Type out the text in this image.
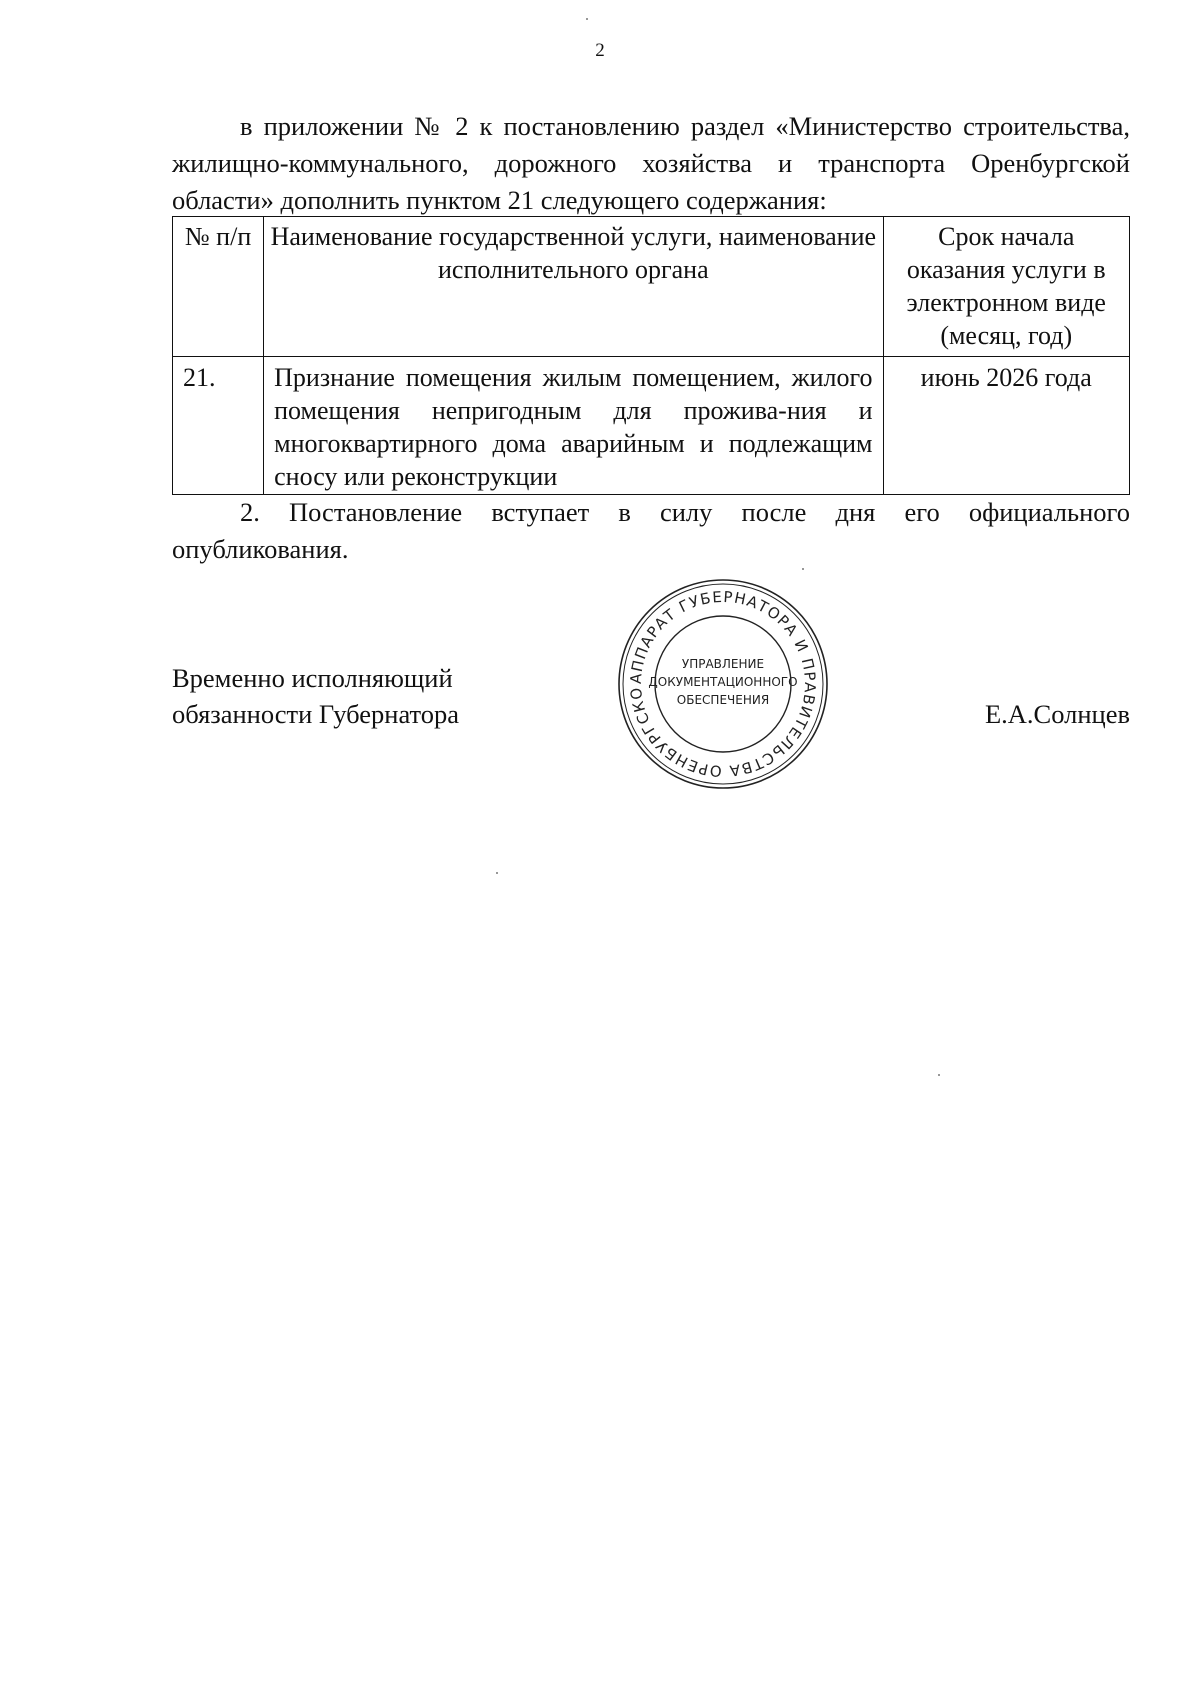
2

в приложении № 2 к постановлению раздел «Министерство строительства, жилищно-коммунального, дорожного хозяйства и транспорта Оренбургской области» дополнить пунктом 21 следующего содержания:

№ п/п	Наименование государственной услуги, наименование исполнительного органа	Срок начала оказания услуги в электронном виде (месяц, год)
21.	Признание помещения жилым помещением, жилого помещения непригодным для прожива-ния и многоквартирного дома аварийным и подлежащим сносу или реконструкции	июнь 2026 года

2. Постановление вступает в силу после дня его официального опубликования.

Временно исполняющий
обязанности Губернатора
АППАРАТ ГУБЕРНАТОРА И ПРАВИТЕЛЬСТВА ОРЕНБУРГСКО
УПРАВЛЕНИЕ
ДОКУМЕНТАЦИОННОГО
ОБЕСПЕЧЕНИЯ	Е.А.Солнцев
